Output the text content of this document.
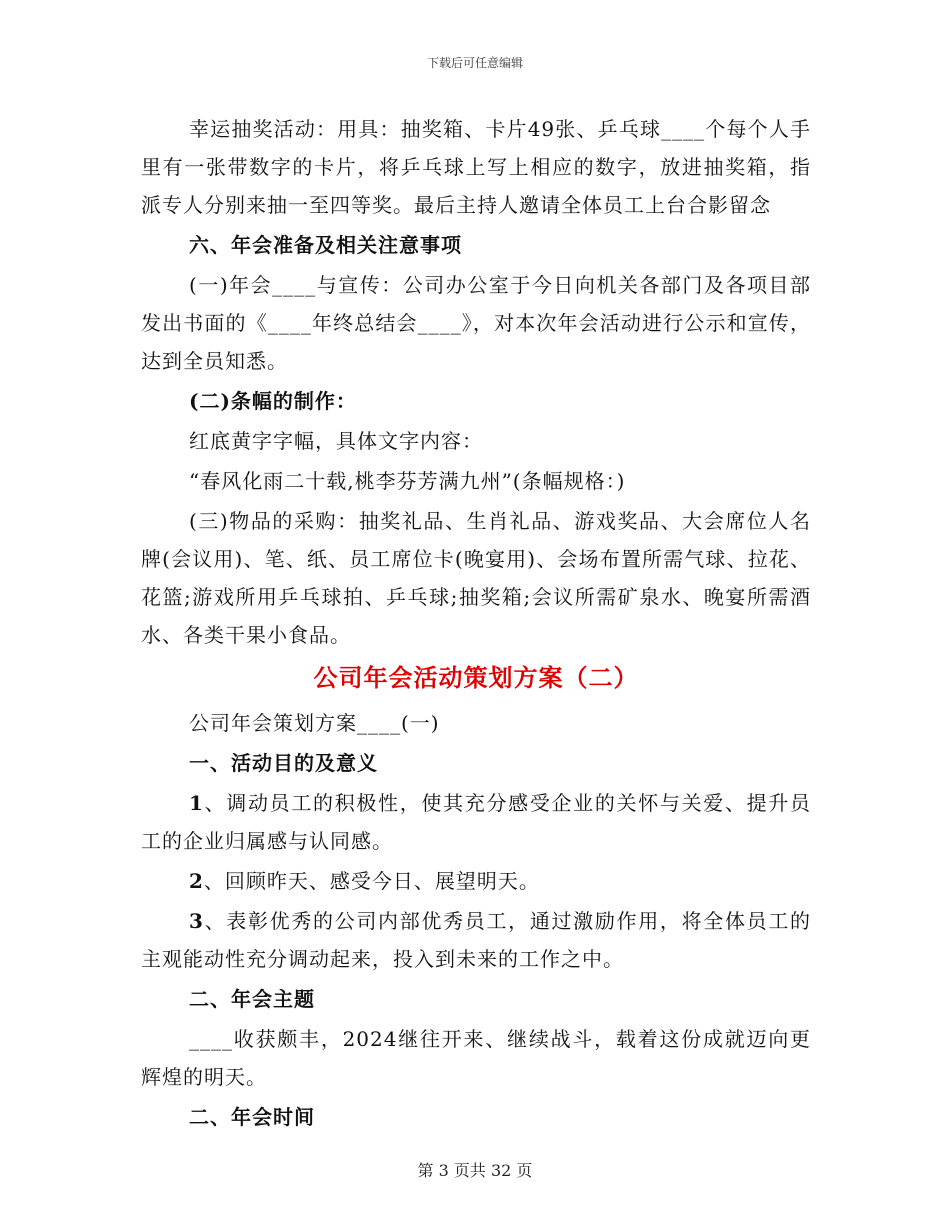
下载后可任意编辑

幸运抽奖活动：用具：抽奖箱、卡片49张、乒乓球____个每个人手里有一张带数字的卡片，将乒乓球上写上相应的数字，放进抽奖箱，指派专人分别来抽一至四等奖。最后主持人邀请全体员工上台合影留念

六、年会准备及相关注意事项

(一)年会____与宣传：公司办公室于今日向机关各部门及各项目部发出书面的《____年终总结会____》，对本次年会活动进行公示和宣传，达到全员知悉。

(二)条幅的制作：

红底黄字字幅，具体文字内容：

“春风化雨二十载,桃李芬芳满九州”(条幅规格：)

(三)物品的采购：抽奖礼品、生肖礼品、游戏奖品、大会席位人名牌(会议用)、笔、纸、员工席位卡(晚宴用)、会场布置所需气球、拉花、花篮;游戏所用乒乓球拍、乒乓球;抽奖箱;会议所需矿泉水、晚宴所需酒水、各类干果小食品。

公司年会活动策划方案（二）

公司年会策划方案____(一)

一、活动目的及意义

1、调动员工的积极性，使其充分感受企业的关怀与关爱、提升员工的企业归属感与认同感。

2、回顾昨天、感受今日、展望明天。

3、表彰优秀的公司内部优秀员工，通过激励作用，将全体员工的主观能动性充分调动起来，投入到未来的工作之中。

二、年会主题

____收获颇丰，2024继往开来、继续战斗，载着这份成就迈向更辉煌的明天。

二、年会时间

第 3 页共 32 页
